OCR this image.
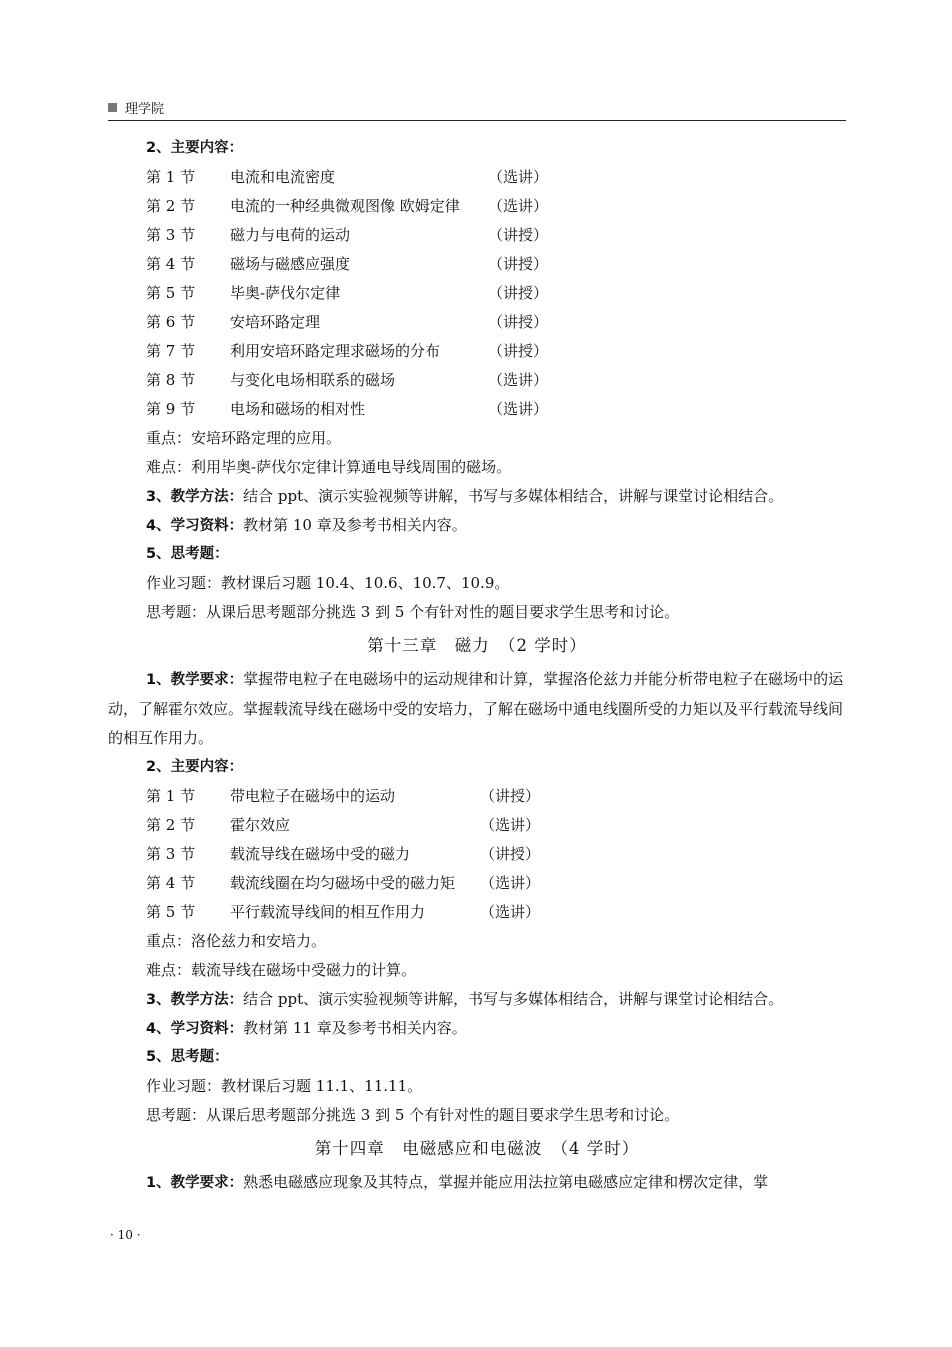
理学院
2、主要内容：
第 1 节 电流和电流密度	（选讲）
第 2 节 电流的一种经典微观图像 欧姆定律 （选讲）
第 3 节 磁力与电荷的运动	（讲授）
第 4 节 磁场与磁感应强度	（讲授）
第 5 节 毕奥-萨伐尔定律	（讲授）
第 6 节 安培环路定理	（讲授）
第 7 节 利用安培环路定理求磁场的分布	（讲授）
第 8 节 与变化电场相联系的磁场	（选讲）
第 9 节 电场和磁场的相对性	（选讲）
重点：安培环路定理的应用。
难点：利用毕奥-萨伐尔定律计算通电导线周围的磁场。
3、教学方法：结合 ppt、演示实验视频等讲解，书写与多媒体相结合，讲解与课堂讨论相结合。
4、学习资料：教材第 10 章及参考书相关内容。
5、思考题：
作业习题：教材课后习题 10.4、10.6、10.7、10.9。
思考题：从课后思考题部分挑选 3 到 5 个有针对性的题目要求学生思考和讨论。
第十三章　磁力　（2 学时）
1、教学要求：掌握带电粒子在电磁场中的运动规律和计算，掌握洛伦兹力并能分析带电粒子在磁场中的运动，了解霍尔效应。掌握载流导线在磁场中受的安培力，了解在磁场中通电线圈所受的力矩以及平行载流导线间的相互作用力。
2、主要内容：
第 1 节 带电粒子在磁场中的运动	（讲授）
第 2 节 霍尔效应	（选讲）
第 3 节 载流导线在磁场中受的磁力	（讲授）
第 4 节 载流线圈在均匀磁场中受的磁力矩 （选讲）
第 5 节 平行载流导线间的相互作用力	（选讲）
重点：洛伦兹力和安培力。
难点：载流导线在磁场中受磁力的计算。
3、教学方法：结合 ppt、演示实验视频等讲解，书写与多媒体相结合，讲解与课堂讨论相结合。
4、学习资料：教材第 11 章及参考书相关内容。
5、思考题：
作业习题：教材课后习题 11.1、11.11。
思考题：从课后思考题部分挑选 3 到 5 个有针对性的题目要求学生思考和讨论。
第十四章　电磁感应和电磁波　（4 学时）
1、教学要求：熟悉电磁感应现象及其特点，掌握并能应用法拉第电磁感应定律和楞次定律，掌
· 10 ·
